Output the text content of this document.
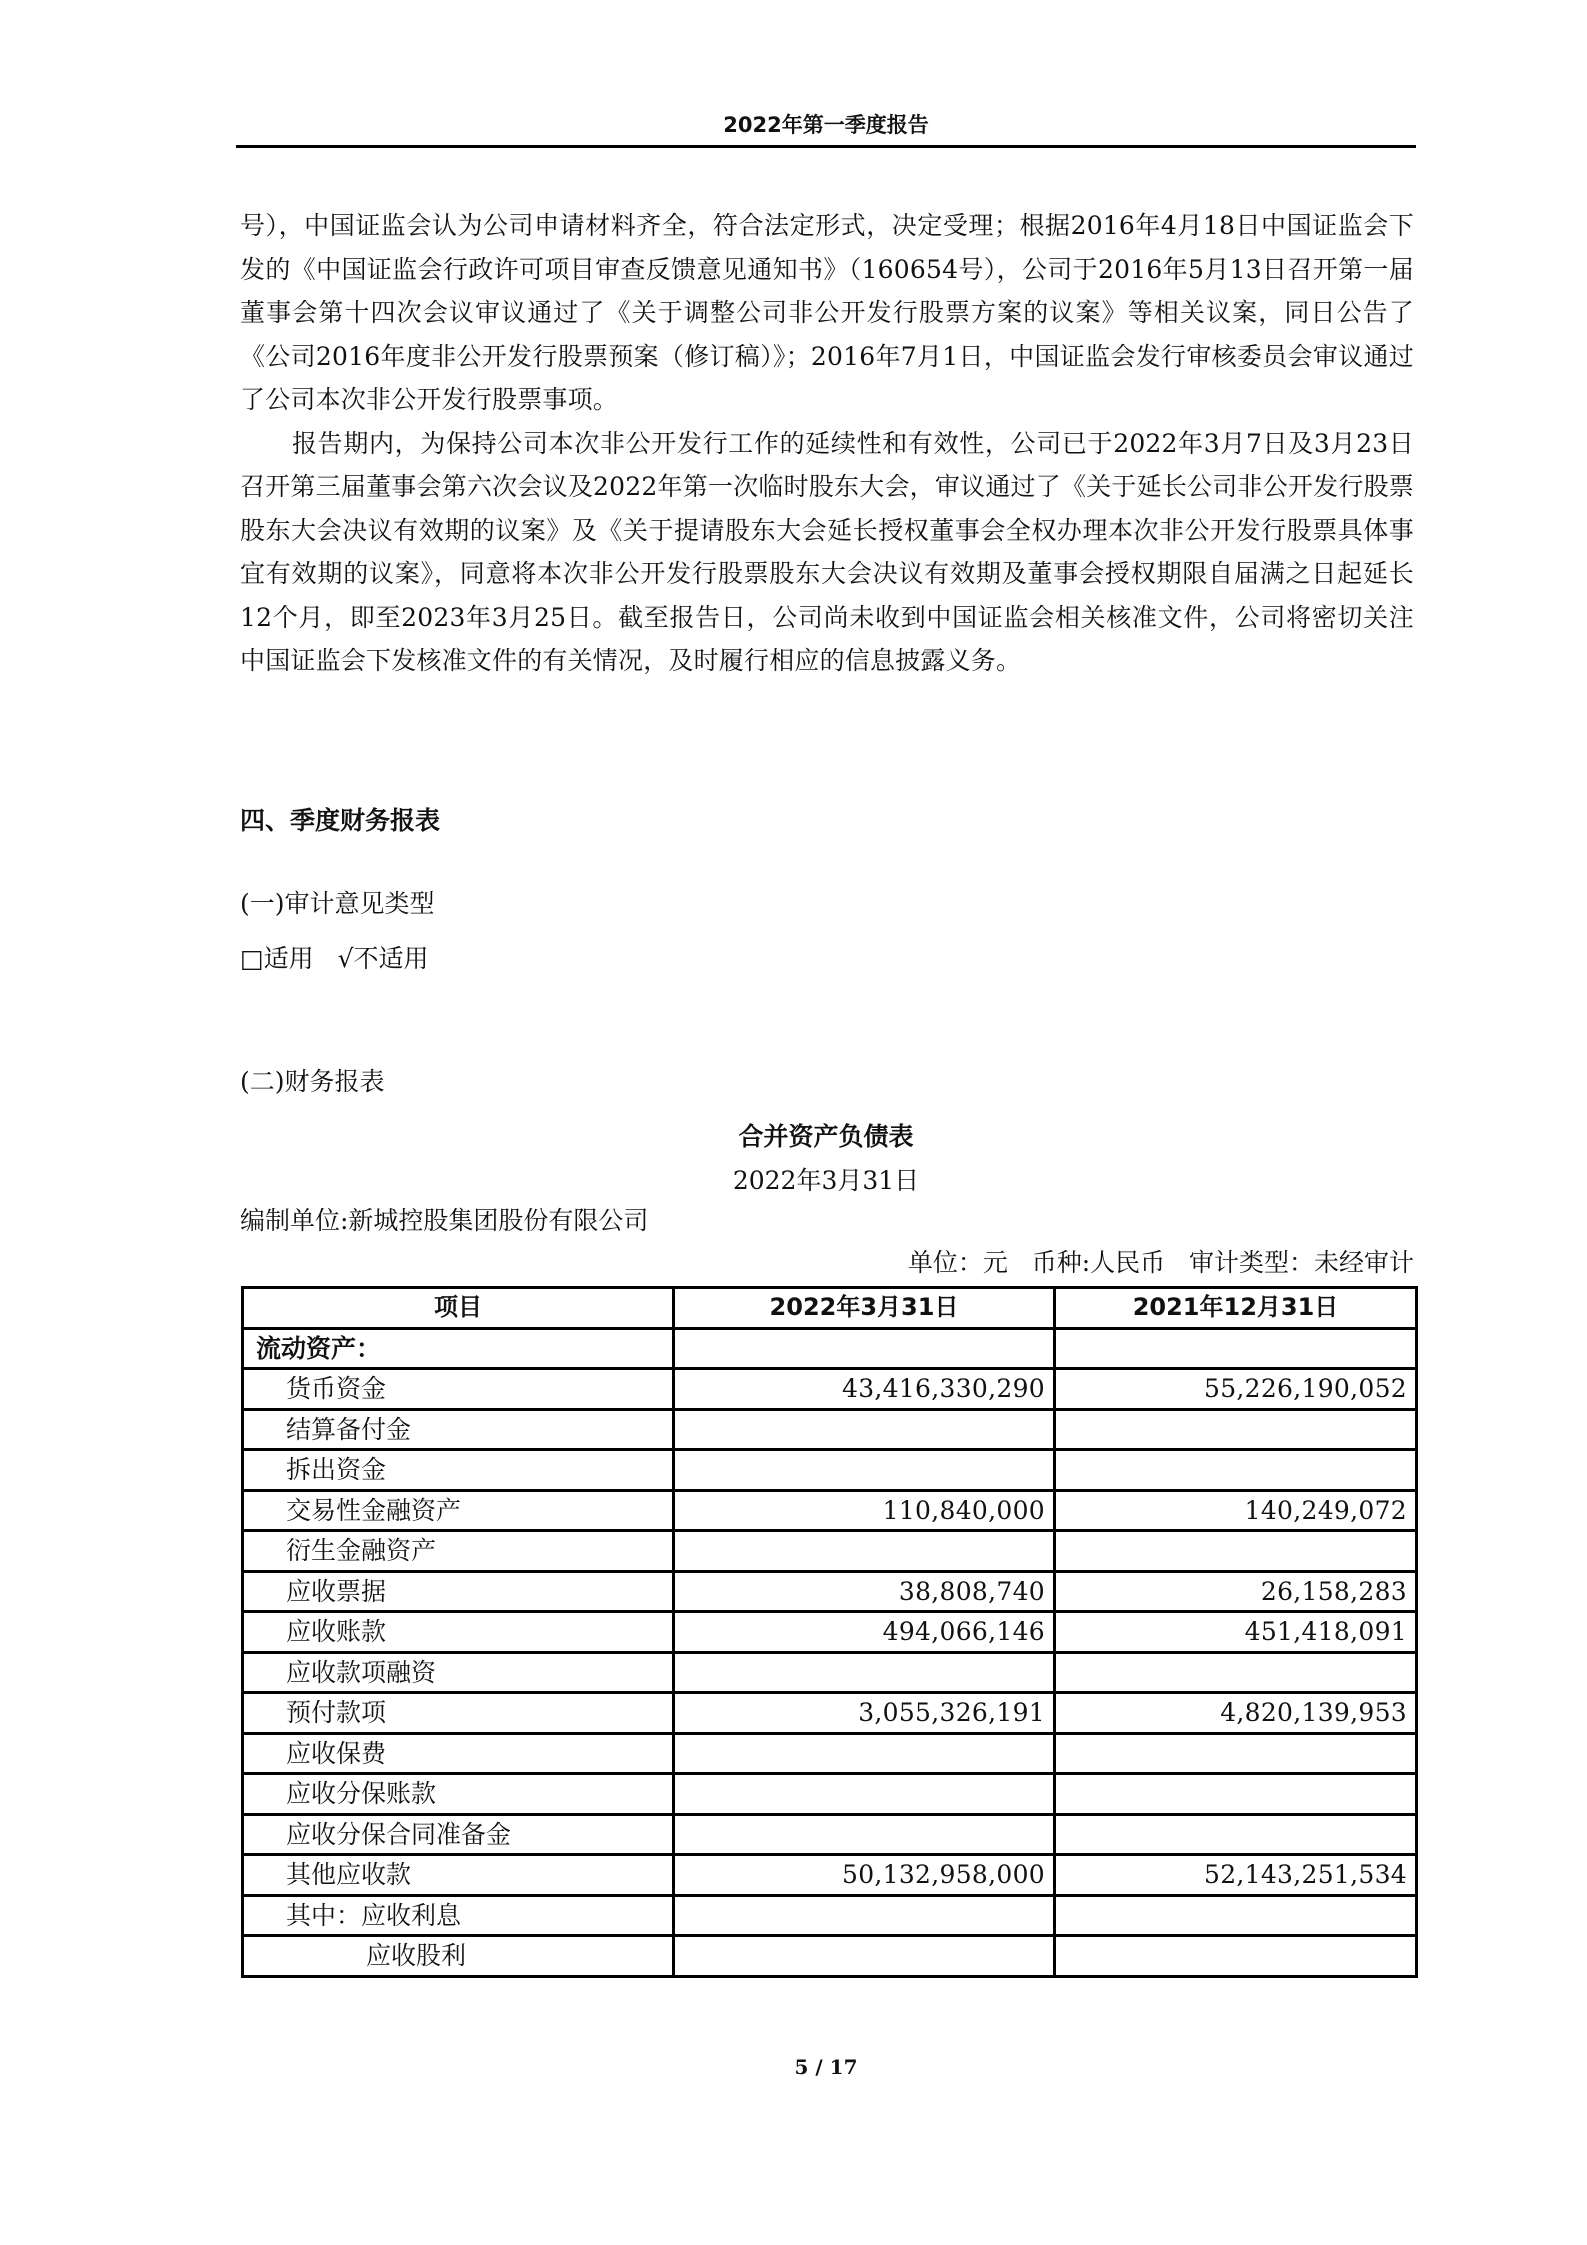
2022年第一季度报告

号），中国证监会认为公司申请材料齐全，符合法定形式，决定受理；根据2016年4月18日中国证监会下发的《中国证监会行政许可项目审查反馈意见通知书》（160654号），公司于2016年5月13日召开第一届董事会第十四次会议审议通过了《关于调整公司非公开发行股票方案的议案》等相关议案，同日公告了《公司2016年度非公开发行股票预案（修订稿）》；2016年7月1日，中国证监会发行审核委员会审议通过了公司本次非公开发行股票事项。

报告期内，为保持公司本次非公开发行工作的延续性和有效性，公司已于2022年3月7日及3月23日召开第三届董事会第六次会议及2022年第一次临时股东大会，审议通过了《关于延长公司非公开发行股票股东大会决议有效期的议案》及《关于提请股东大会延长授权董事会全权办理本次非公开发行股票具体事宜有效期的议案》，同意将本次非公开发行股票股东大会决议有效期及董事会授权期限自届满之日起延长12个月，即至2023年3月25日。截至报告日，公司尚未收到中国证监会相关核准文件，公司将密切关注中国证监会下发核准文件的有关情况，及时履行相应的信息披露义务。

四、季度财务报表
(一)审计意见类型
□适用 √不适用
(二)财务报表
合并资产负债表
2022年3月31日
编制单位:新城控股集团股份有限公司
单位：元   币种:人民币   审计类型：未经审计
项目	2022年3月31日	2021年12月31日
流动资产：		
货币资金	43,416,330,290	55,226,190,052
结算备付金		
拆出资金		
交易性金融资产	110,840,000	140,249,072
衍生金融资产		
应收票据	38,808,740	26,158,283
应收账款	494,066,146	451,418,091
应收款项融资		
预付款项	3,055,326,191	4,820,139,953
应收保费		
应收分保账款		
应收分保合同准备金		
其他应收款	50,132,958,000	52,143,251,534
其中：应收利息		
应收股利		
5 / 17
